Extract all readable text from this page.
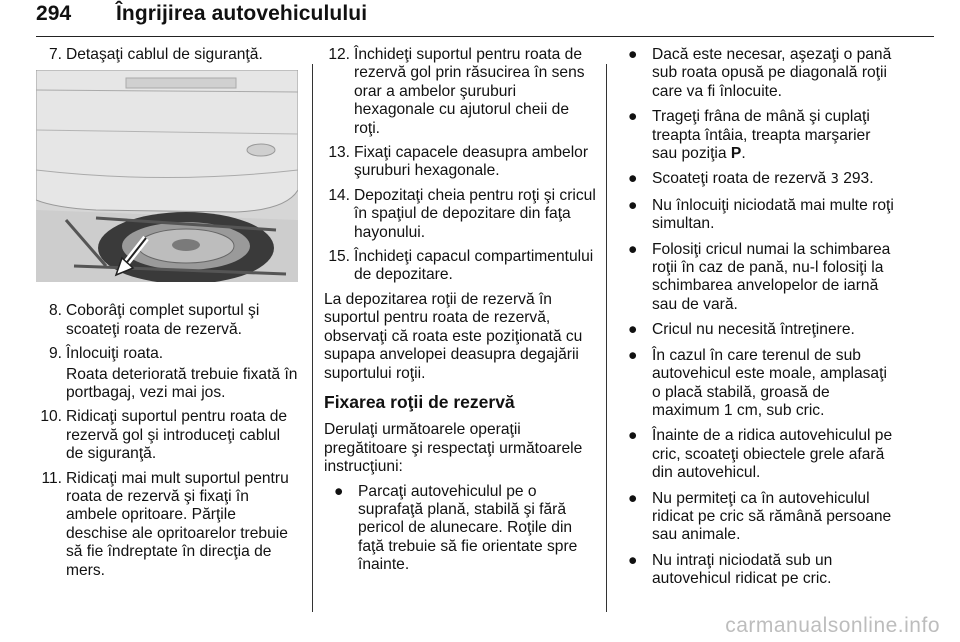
294 Îngrijirea autovehiculului
7. Detaşaţi cablul de siguranţă.
8. Coborâţi complet suportul şi scoateţi roata de rezervă.
9. Înlocuiţi roata.
Roata deteriorată trebuie fixată în portbagaj, vezi mai jos.
10. Ridicaţi suportul pentru roata de rezervă gol şi introduceţi cablul de siguranţă.
11. Ridicaţi mai mult suportul pentru roata de rezervă şi fixaţi în ambele opritoare. Părţile deschise ale opritoarelor trebuie să fie îndreptate în direcţia de mers.
12. Închideţi suportul pentru roata de rezervă gol prin răsucirea în sens orar a ambelor şuruburi hexagonale cu ajutorul cheii de roţi.
13. Fixaţi capacele deasupra ambelor şuruburi hexagonale.
14. Depozitaţi cheia pentru roţi şi cricul în spaţiul de depozitare din faţa hayonului.
15. Închideţi capacul compartimentului de depozitare.
La depozitarea roţii de rezervă în suportul pentru roata de rezervă, observaţi că roata este poziţionată cu supapa anvelopei deasupra degajării suportului roţii.
Fixarea roţii de rezervă
Derulaţi următoarele operaţii pregătitoare şi respectaţi următoarele instrucţiuni:
● Parcaţi autovehiculul pe o suprafaţă plană, stabilă şi fără pericol de alunecare. Roţile din faţă trebuie să fie orientate spre înainte.
● Dacă este necesar, aşezaţi o pană sub roata opusă pe diagonală roţii care va fi înlocuite.
● Trageţi frâna de mână şi cuplaţi treapta întâia, treapta marşarier sau poziţia P.
● Scoateţi roata de rezervă 3 293.
● Nu înlocuiţi niciodată mai multe roţi simultan.
● Folosiţi cricul numai la schimbarea roţii în caz de pană, nu-l folosiţi la schimbarea anvelopelor de iarnă sau de vară.
● Cricul nu necesită întreţinere.
● În cazul în care terenul de sub autovehicul este moale, amplasaţi o placă stabilă, groasă de maximum 1 cm, sub cric.
● Înainte de a ridica autovehiculul pe cric, scoateţi obiectele grele afară din autovehicul.
● Nu permiteţi ca în autovehiculul ridicat pe cric să rămână persoane sau animale.
● Nu intraţi niciodată sub un autovehicul ridicat pe cric.
carmanualsonline.info
